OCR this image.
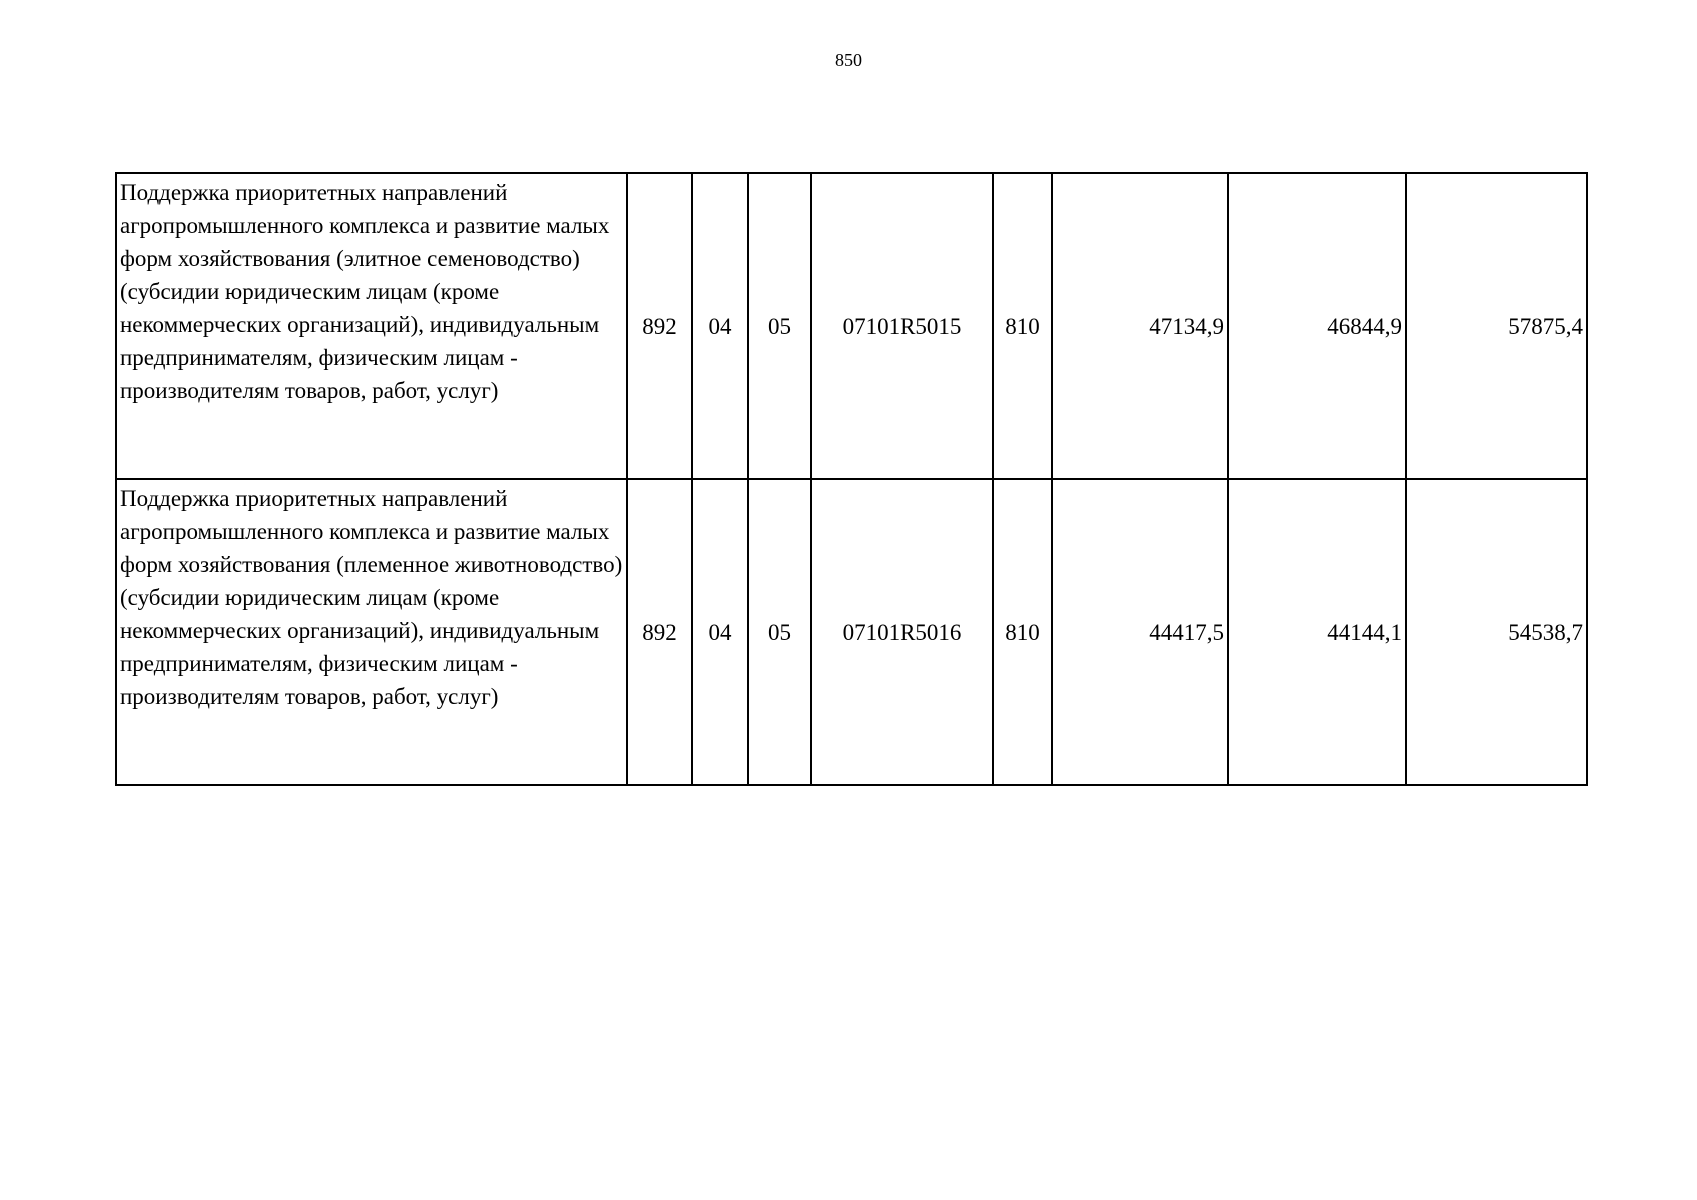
850
Поддержка приоритетных направлений агропромышленного комплекса и развитие малых форм хозяйствования (элитное семеноводство) (субсидии юридическим лицам (кроме некоммерческих организаций), индивидуальным предпринимателям, физическим лицам - производителям товаров, работ, услуг)	892	04	05	07101R5015	810	47134,9	46844,9	57875,4
Поддержка приоритетных направлений агропромышленного комплекса и развитие малых форм хозяйствования (племенное животноводство) (субсидии юридическим лицам (кроме некоммерческих организаций), индивидуальным предпринимателям, физическим лицам - производителям товаров, работ, услуг)	892	04	05	07101R5016	810	44417,5	44144,1	54538,7
